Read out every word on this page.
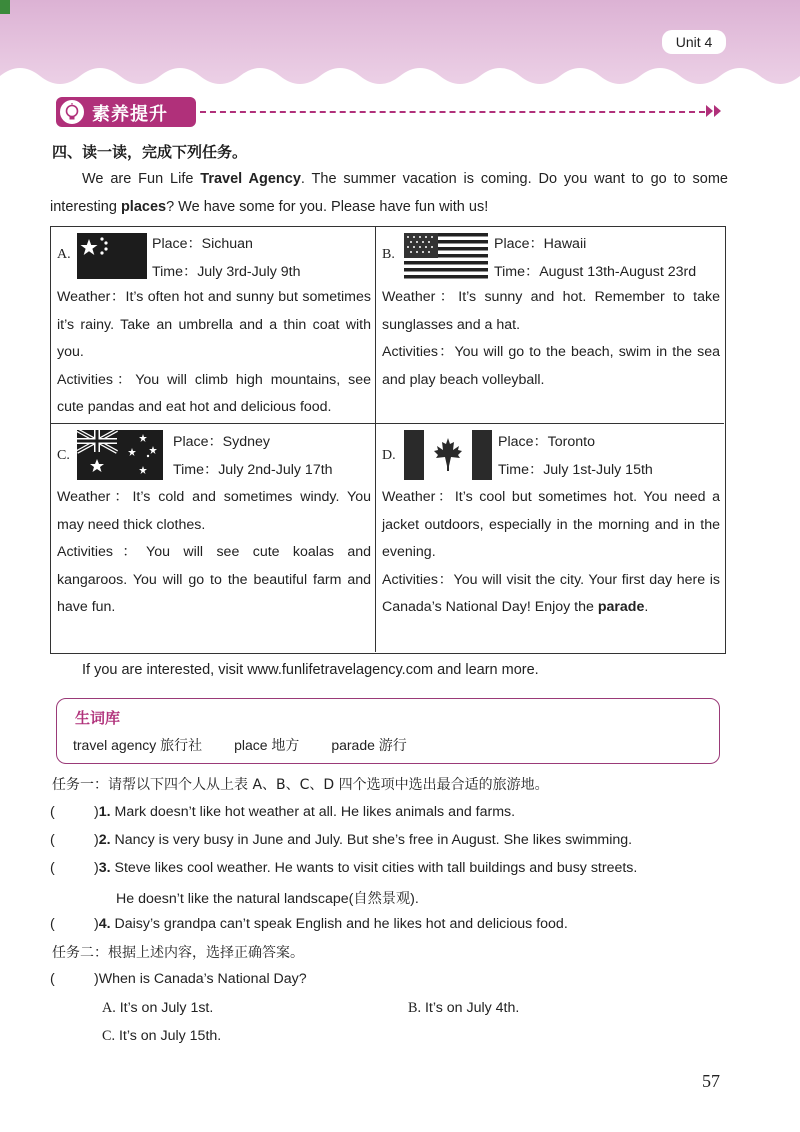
Unit 4
素养提升
四、读一读，完成下列任务。

We are Fun Life Travel Agency. The summer vacation is coming. Do you want to go to some interesting places? We have some for you. Please have fun with us!

A.
Place：Sichuan
Time：July 3rd-July 9th

Weather：It’s often hot and sunny but sometimes it’s rainy. Take an umbrella and a thin coat with you.

Activities：You will climb high mountains, see cute pandas and eat hot and delicious food.

B.
Place：Hawaii
Time：August 13th-August 23rd

Weather：It’s sunny and hot. Remember to take sunglasses and a hat.

Activities：You will go to the beach, swim in the sea and play beach volleyball.

C.
Place：Sydney
Time：July 2nd-July 17th

Weather：It’s cold and sometimes windy. You may need thick clothes.

Activities：You will see cute koalas and kangaroos. You will go to the beautiful farm and have fun.

D.
Place：Toronto
Time：July 1st-July 15th

Weather：It’s cool but sometimes hot. You need a jacket outdoors, especially in the morning and in the evening.

Activities：You will visit the city. Your first day here is Canada’s National Day! Enjoy the parade.

If you are interested, visit www.funlifetravelagency.com and learn more.
生词库
travel agency 旅行社 place 地方 parade 游行
任务一：请帮以下四个人从上表 A、B、C、D 四个选项中选出最合适的旅游地。
(	)1. Mark doesn’t like hot weather at all. He likes animals and farms.
(	)2. Nancy is very busy in June and July. But she’s free in August. She likes swimming.
(	)3. Steve likes cool weather. He wants to visit cities with tall buildings and busy streets.
He doesn’t like the natural landscape(自然景观).
(	)4. Daisy’s grandpa can’t speak English and he likes hot and delicious food.
任务二：根据上述内容，选择正确答案。
(	)When is Canada’s National Day?
A. It’s on July 1st.	B. It’s on July 4th.
C. It’s on July 15th.
57
